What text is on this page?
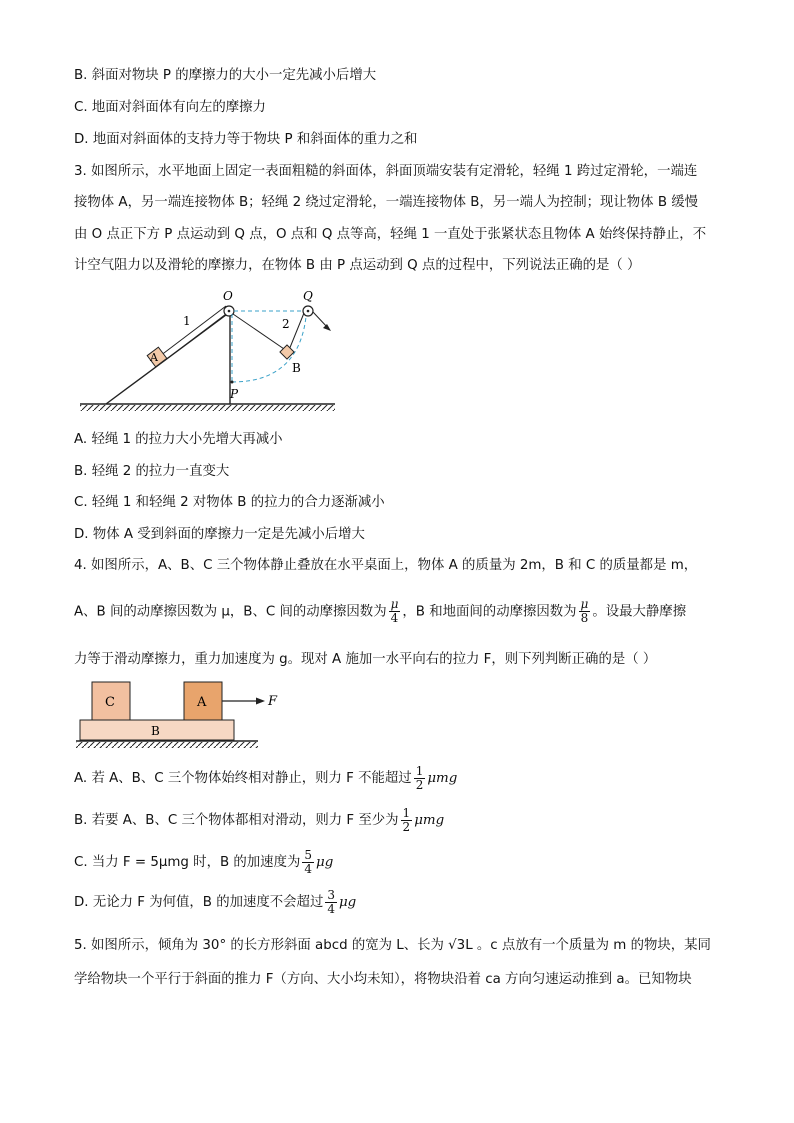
B. 斜面对物块 P 的摩擦力的大小一定先减小后增大
C. 地面对斜面体有向左的摩擦力
D. 地面对斜面体的支持力等于物块 P 和斜面体的重力之和
3. 如图所示，水平地面上固定一表面粗糙的斜面体，斜面顶端安装有定滑轮，轻绳 1 跨过定滑轮，一端连
接物体 A，另一端连接物体 B；轻绳 2 绕过定滑轮，一端连接物体 B，另一端人为控制；现让物体 B 缓慢
由 O 点正下方 P 点运动到 Q 点，O 点和 Q 点等高，轻绳 1 一直处于张紧状态且物体 A 始终保持静止，不
计空气阻力以及滑轮的摩擦力，在物体 B 由 P 点运动到 Q 点的过程中，下列说法正确的是（ ）
O	Q
1	2
A
B
P
A. 轻绳 1 的拉力大小先增大再减小
B. 轻绳 2 的拉力一直变大
C. 轻绳 1 和轻绳 2 对物体 B 的拉力的合力逐渐减小
D. 物体 A 受到斜面的摩擦力一定是先减小后增大
4. 如图所示，A、B、C 三个物体静止叠放在水平桌面上，物体 A 的质量为 2m，B 和 C 的质量都是 m，
A、B 间的动摩擦因数为 μ，B、C 间的动摩擦因数为 $\frac{\mu}{4}$ ，B 和地面间的动摩擦因数为 $\frac{\mu}{8}$ 。设最大静摩擦
力等于滑动摩擦力，重力加速度为 g。现对 A 施加一水平向右的拉力 F，则下列判断正确的是（ ）
C	A
B
F
A. 若 A、B、C 三个物体始终相对静止，则力 F 不能超过 $\frac{1}{2}$ μmg
B. 若要 A、B、C 三个物体都相对滑动，则力 F 至少为 $\frac{1}{2}$ μmg
C. 当力 F = 5μmg 时，B 的加速度为 $\frac{5}{4}$ μg
D. 无论力 F 为何值，B 的加速度不会超过 $\frac{3}{4}$ μg
5. 如图所示，倾角为 30° 的长方形斜面 abcd 的宽为 L、长为 √3L 。c 点放有一个质量为 m 的物块，某同
学给物块一个平行于斜面的推力 F（方向、大小均未知），将物块沿着 ca 方向匀速运动推到 a。已知物块
